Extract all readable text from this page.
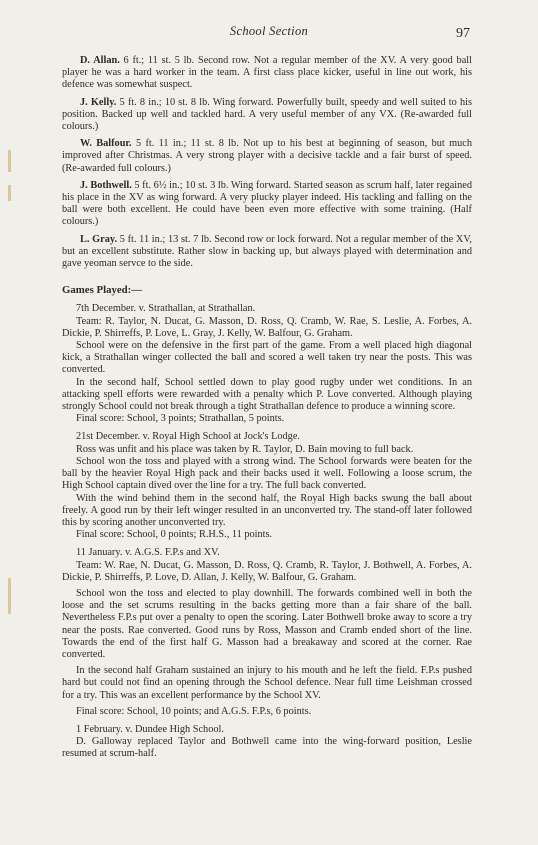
School Section	97

D. Allan. 6 ft.; 11 st. 5 lb. Second row. Not a regular member of the XV. A very good ball player he was a hard worker in the team. A first class place kicker, useful in line out work, his defence was somewhat suspect.

J. Kelly. 5 ft. 8 in.; 10 st. 8 lb. Wing forward. Powerfully built, speedy and well suited to his position. Backed up well and tackled hard. A very useful member of any VX. (Re-awarded full colours.)

W. Balfour. 5 ft. 11 in.; 11 st. 8 lb. Not up to his best at beginning of season, but much improved after Christmas. A very strong player with a decisive tackle and a fair burst of speed. (Re-awarded full colours.)

J. Bothwell. 5 ft. 6½ in.; 10 st. 3 lb. Wing forward. Started season as scrum half, later regained his place in the XV as wing forward. A very plucky player indeed. His tackling and falling on the ball were both excellent. He could have been even more effective with some training. (Half colours.)

L. Gray. 5 ft. 11 in.; 13 st. 7 lb. Second row or lock forward. Not a regular member of the XV, but an excellent substitute. Rather slow in backing up, but always played with determination and gave yeoman servce to the side.

Games Played:—

7th December. v. Strathallan, at Strathallan.

Team: R. Taylor, N. Ducat, G. Masson, D. Ross, Q. Cramb, W. Rae, S. Leslie, A. Forbes, A. Dickie, P. Shirreffs, P. Love, L. Gray, J. Kelly, W. Balfour, G. Graham.

School were on the defensive in the first part of the game. From a well placed high diagonal kick, a Strathallan winger collected the ball and scored a well taken try near the posts. This was converted.

In the second half, School settled down to play good rugby under wet conditions. In an attacking spell efforts were rewarded with a penalty which P. Love converted. Although playing strongly School could not break through a tight Strathallan defence to produce a winning score.

Final score: School, 3 points; Strathallan, 5 points.

21st December. v. Royal High School at Jock's Lodge.

Ross was unfit and his place was taken by R. Taylor, D. Bain moving to full back.

School won the toss and played with a strong wind. The School forwards were beaten for the ball by the heavier Royal High pack and their backs used it well. Following a loose scrum, the High School captain dived over the line for a try. The full back converted.

With the wind behind them in the second half, the Royal High backs swung the ball about freely. A good run by their left winger resulted in an unconverted try. The stand-off later followed this by scoring another unconverted try.

Final score: School, 0 points; R.H.S., 11 points.

11 January. v. A.G.S. F.P.s and XV.

Team: W. Rae, N. Ducat, G. Masson, D. Ross, Q. Cramb, R. Taylor, J. Bothwell, A. Forbes, A. Dickie, P. Shirreffs, P. Love, D. Allan, J. Kelly, W. Balfour, G. Graham.

School won the toss and elected to play downhill. The forwards combined well in both the loose and the set scrums resulting in the backs getting more than a fair share of the ball. Nevertheless F.P.s put over a penalty to open the scoring. Later Bothwell broke away to score a try near the posts. Rae converted. Good runs by Ross, Masson and Cramb ended short of the line. Towards the end of the first half G. Masson had a breakaway and scored at the corner. Rae converted.

In the second half Graham sustained an injury to his mouth and he left the field. F.P.s pushed hard but could not find an opening through the School defence. Near full time Leishman crossed for a try. This was an excellent performance by the School XV.

Final score: School, 10 points; and A.G.S. F.P.s, 6 points.

1 February. v. Dundee High School.

D. Galloway replaced Taylor and Bothwell came into the wing-forward position, Leslie resumed at scrum-half.
